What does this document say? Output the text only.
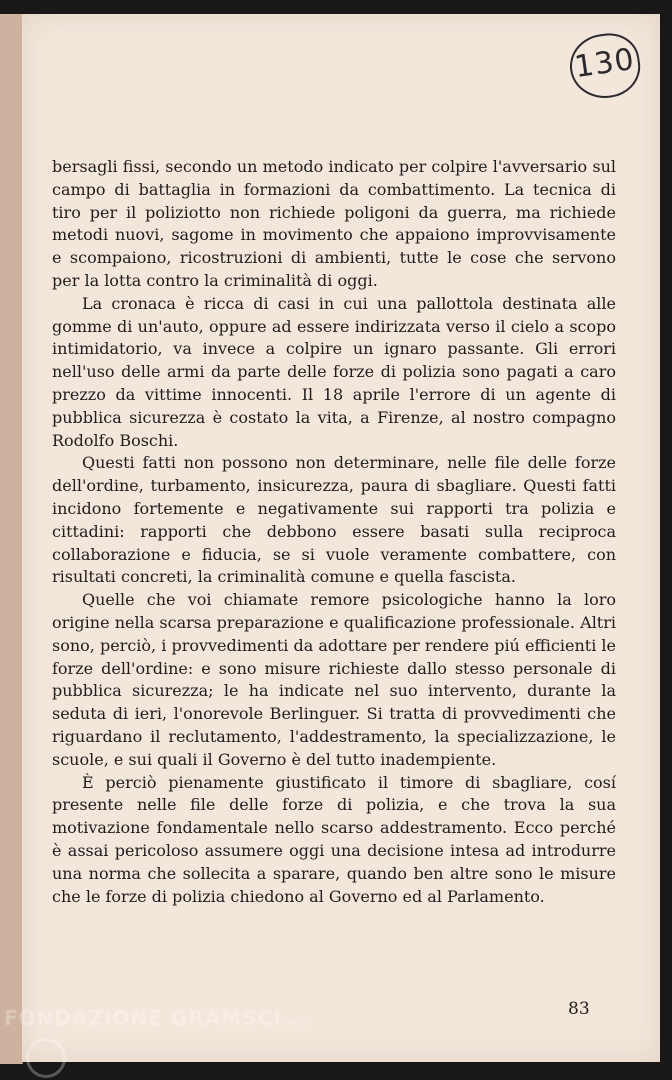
130

bersagli fissi, secondo un metodo indicato per colpire l'avversario sul campo di battaglia in formazioni da combattimento. La tecnica di tiro per il poliziotto non richiede poligoni da guerra, ma richiede metodi nuovi, sagome in movimento che appaiono improvvisamente e scompaiono, ricostruzioni di ambienti, tutte le cose che servono per la lotta contro la criminalità di oggi.

La cronaca è ricca di casi in cui una pallottola destinata alle gomme di un'auto, oppure ad essere indirizzata verso il cielo a scopo intimidatorio, va invece a colpire un ignaro passante. Gli errori nell'uso delle armi da parte delle forze di polizia sono pagati a caro prezzo da vittime innocenti. Il 18 aprile l'errore di un agente di pubblica sicurezza è costato la vita, a Firenze, al nostro compagno Rodolfo Boschi.

Questi fatti non possono non determinare, nelle file delle forze dell'ordine, turbamento, insicurezza, paura di sbagliare. Questi fatti incidono fortemente e negativamente sui rapporti tra polizia e cittadini: rapporti che debbono essere basati sulla reciproca collaborazione e fiducia, se si vuole veramente combattere, con risultati concreti, la criminalità comune e quella fascista.

Quelle che voi chiamate remore psicologiche hanno la loro origine nella scarsa preparazione e qualificazione professionale. Altri sono, perciò, i provvedimenti da adottare per rendere piú efficienti le forze dell'ordine: e sono misure richieste dallo stesso personale di pubblica sicurezza; le ha indicate nel suo intervento, durante la seduta di ieri, l'onorevole Berlinguer. Si tratta di provvedimenti che riguardano il reclutamento, l'addestramento, la specializzazione, le scuole, e sui quali il Governo è del tutto inadempiente.

È perciò pienamente giustificato il timore di sbagliare, cosí presente nelle file delle forze di polizia, e che trova la sua motivazione fondamentale nello scarso addestramento. Ecco perché è assai pericoloso assumere oggi una decisione intesa ad introdurre una norma che sollecita a sparare, quando ben altre sono le misure che le forze di polizia chiedono al Governo ed al Parlamento.

83
FONDAZIONE GRAMSCI onlus
